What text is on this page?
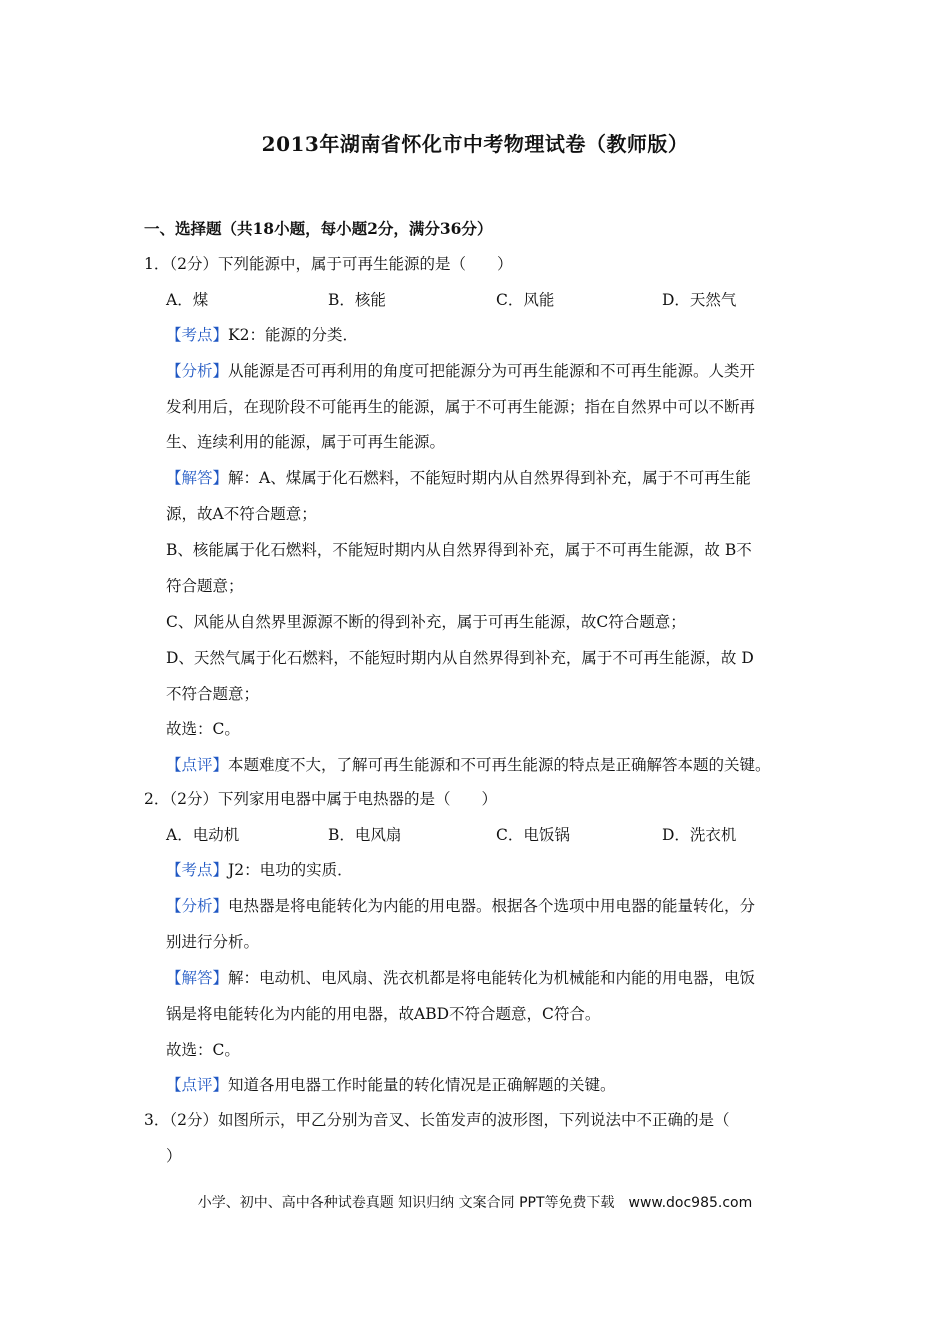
2013年湖南省怀化市中考物理试卷（教师版）
一、选择题（共18小题，每小题2分，满分36分）
1．（2分）下列能源中，属于可再生能源的是（　　）
A．煤	B．核能	C．风能	D．天然气
【考点】K2：能源的分类．
【分析】从能源是否可再利用的角度可把能源分为可再生能源和不可再生能源。人类开
发利用后，在现阶段不可能再生的能源，属于不可再生能源；指在自然界中可以不断再
生、连续利用的能源，属于可再生能源。
【解答】解：A、煤属于化石燃料，不能短时期内从自然界得到补充，属于不可再生能
源，故A不符合题意；
B、核能属于化石燃料，不能短时期内从自然界得到补充，属于不可再生能源，故 B不
符合题意；
C、风能从自然界里源源不断的得到补充，属于可再生能源，故C符合题意；
D、天然气属于化石燃料，不能短时期内从自然界得到补充，属于不可再生能源，故 D
不符合题意；
故选：C。
【点评】本题难度不大，了解可再生能源和不可再生能源的特点是正确解答本题的关键。
2．（2分）下列家用电器中属于电热器的是（　　）
A．电动机	B．电风扇	C．电饭锅	D．洗衣机
【考点】J2：电功的实质．
【分析】电热器是将电能转化为内能的用电器。根据各个选项中用电器的能量转化，分
别进行分析。
【解答】解：电动机、电风扇、洗衣机都是将电能转化为机械能和内能的用电器，电饭
锅是将电能转化为内能的用电器，故ABD不符合题意，C符合。
故选：C。
【点评】知道各用电器工作时能量的转化情况是正确解题的关键。
3．（2分）如图所示，甲乙分别为音叉、长笛发声的波形图，下列说法中不正确的是（
）
小学、初中、高中各种试卷真题 知识归纳 文案合同 PPT等免费下载　www.doc985.com
